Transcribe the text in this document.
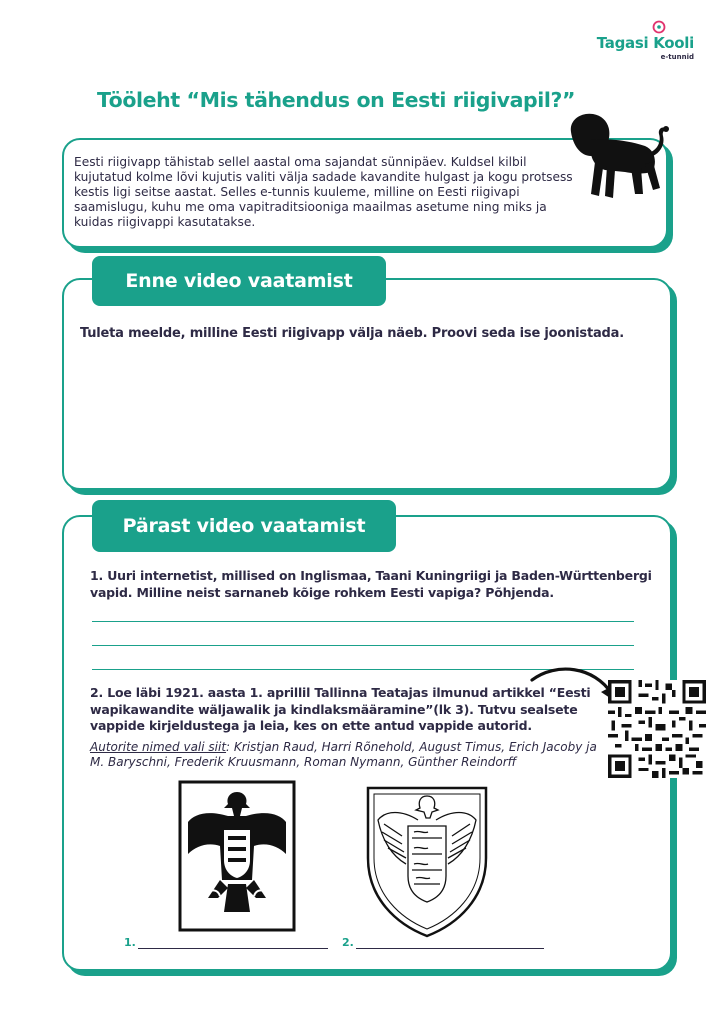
Tagasi Kooli
e-tunnid
Tööleht “Mis tähendus on Eesti riigivapil?”
Eesti riigivapp tähistab sellel aastal oma sajandat sünnipäev. Kuldsel kilbil kujutatud kolme lõvi kujutis valiti välja sadade kavandite hulgast ja kogu protsess kestis ligi seitse aastat. Selles e-tunnis kuuleme, milline on Eesti riigivapi saamislugu, kuhu me oma vapitraditsiooniga maailmas asetume ning miks ja kuidas riigivappi kasutatakse.
Enne video vaatamist
Tuleta meelde, milline Eesti riigivapp välja näeb. Proovi seda ise joonistada.
Pärast video vaatamist
1. Uuri internetist, millised on Inglismaa, Taani Kuningriigi ja Baden-Württenbergi vapid. Milline neist sarnaneb kõige rohkem Eesti vapiga? Põhjenda.
2. Loe läbi 1921. aasta 1. aprillil Tallinna Teatajas ilmunud artikkel “Eesti wapikawandite wäljawalik ja kindlaksmääramine”(lk 3). Tutvu sealsete vappide kirjeldustega ja leia, kes on ette antud vappide autorid.
Autorite nimed vali siit: Kristjan Raud, Harri Rõnehold, August Timus, Erich Jacoby ja M. Baryschni, Frederik Kruusmann, Roman Nymann, Günther Reindorff
1.	2.
